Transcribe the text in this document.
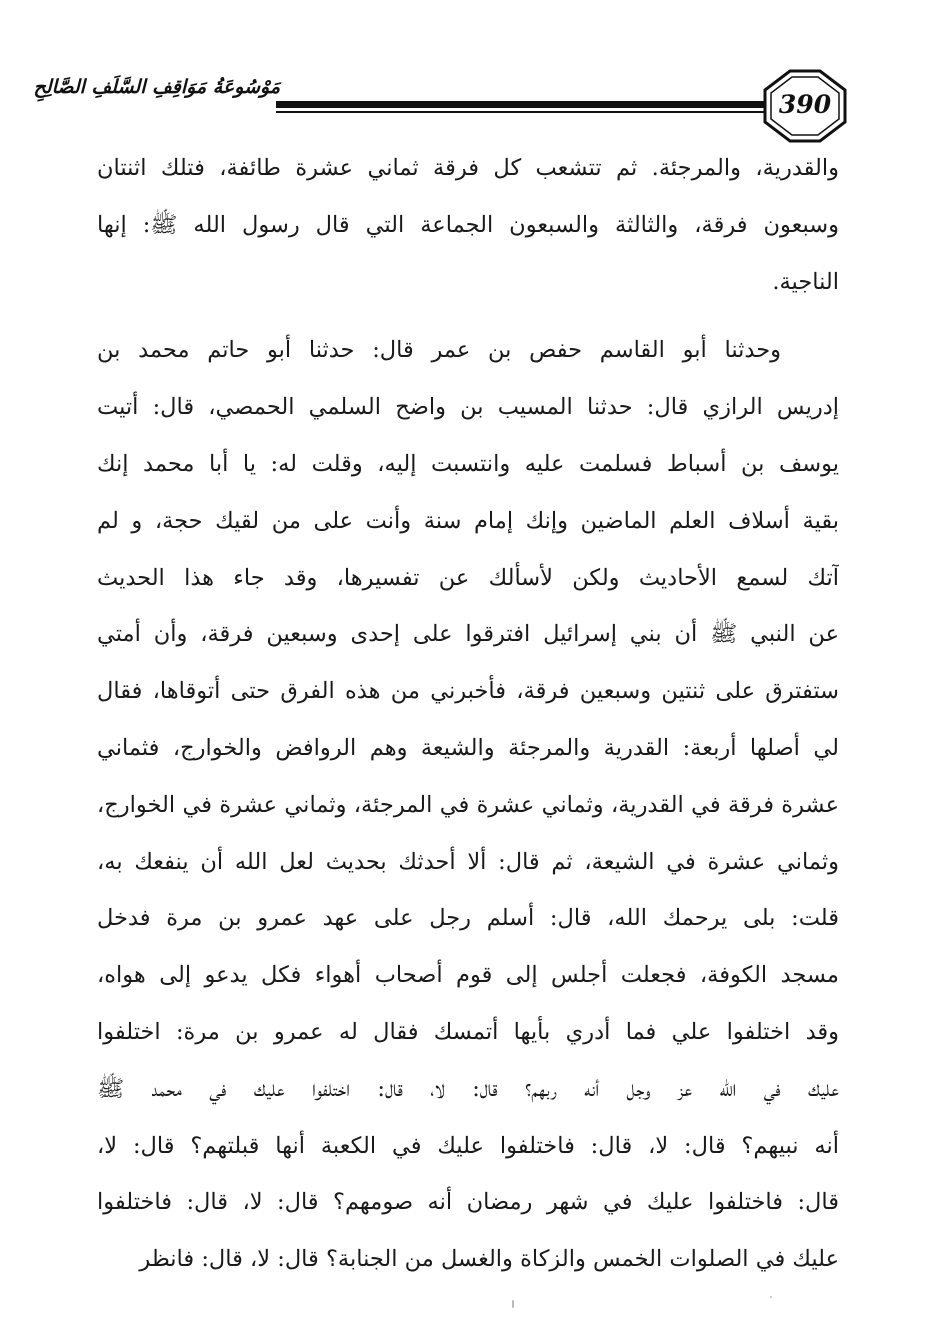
مَوْسُوعَةُ مَوَاقِفِ السَّلَفِ الصَّالِحِ
390
والقدرية، والمرجئة. ثم تتشعب كل فرقة ثماني عشرة طائفة، فتلك اثنتان
وسبعون فرقة، والثالثة والسبعون الجماعة التي قال رسول الله ﷺ: إنها
الناجية.
وحدثنا أبو القاسم حفص بن عمر قال: حدثنا أبو حاتم محمد بن
إدريس الرازي قال: حدثنا المسيب بن واضح السلمي الحمصي، قال: أتيت
يوسف بن أسباط فسلمت عليه وانتسبت إليه، وقلت له: يا أبا محمد إنك
بقية أسلاف العلم الماضين وإنك إمام سنة وأنت على من لقيك حجة، و لم
آتك لسمع الأحاديث ولكن لأسألك عن تفسيرها، وقد جاء هذا الحديث
عن النبي ﷺ أن بني إسرائيل افترقوا على إحدى وسبعين فرقة، وأن أمتي
ستفترق على ثنتين وسبعين فرقة، فأخبرني من هذه الفرق حتى أتوقاها، فقال
لي أصلها أربعة: القدرية والمرجئة والشيعة وهم الروافض والخوارج، فثماني
عشرة فرقة في القدرية، وثماني عشرة في المرجئة، وثماني عشرة في الخوارج،
وثماني عشرة في الشيعة، ثم قال: ألا أحدثك بحديث لعل الله أن ينفعك به،
قلت: بلى يرحمك الله، قال: أسلم رجل على عهد عمرو بن مرة فدخل
مسجد الكوفة، فجعلت أجلس إلى قوم أصحاب أهواء فكل يدعو إلى هواه،
وقد اختلفوا علي فما أدري بأيها أتمسك فقال له عمرو بن مرة: اختلفوا
عليك في الله عز وجل أنه ربهم؟ قال: لا، قال: اختلفوا عليك في محمد ﷺ
أنه نبيهم؟ قال: لا، قال: فاختلفوا عليك في الكعبة أنها قبلتهم؟ قال: لا،
قال: فاختلفوا عليك في شهر رمضان أنه صومهم؟ قال: لا، قال: فاختلفوا
عليك في الصلوات الخمس والزكاة والغسل من الجنابة؟ قال: لا، قال: فانظر
